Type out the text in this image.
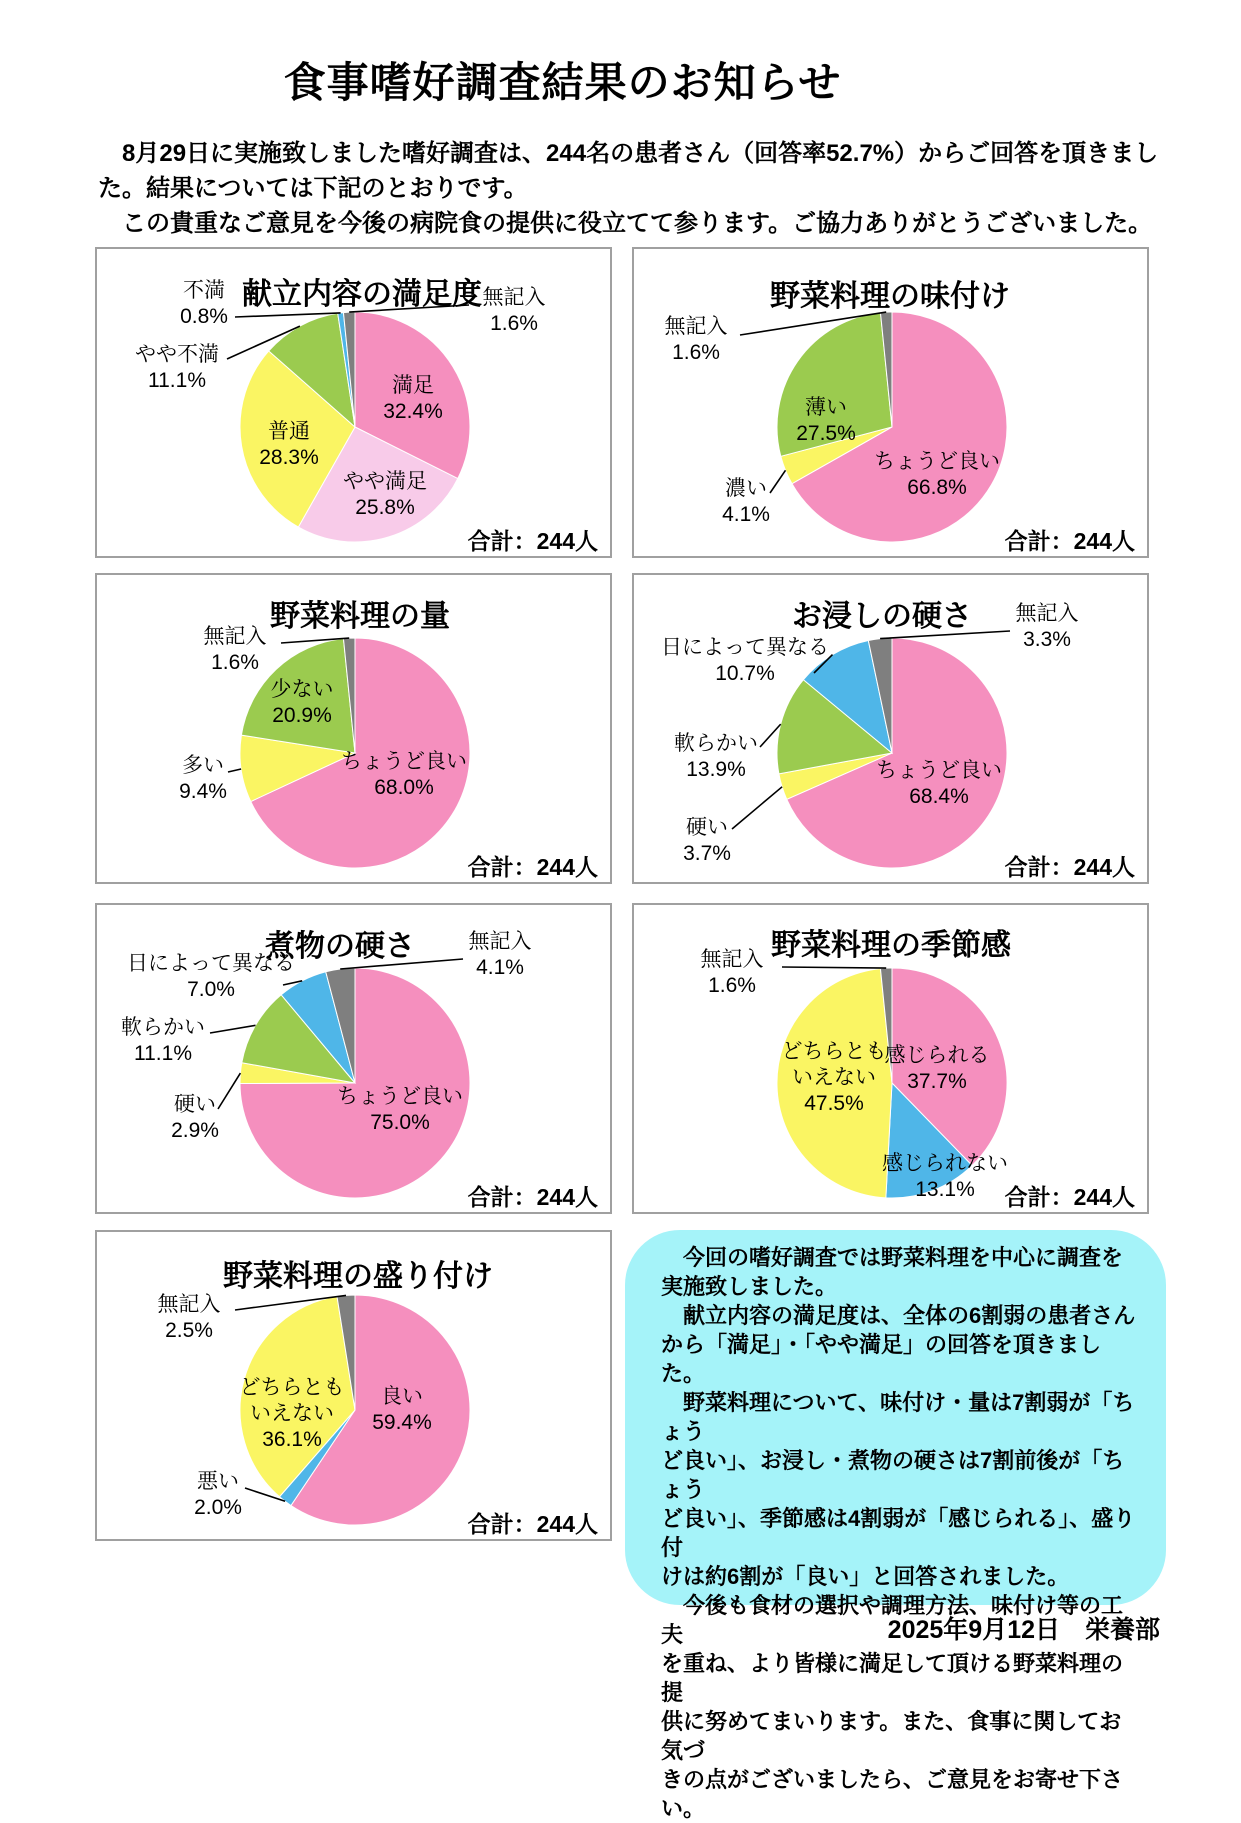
食事嗜好調査結果のお知らせ
　8月29日に実施致しました嗜好調査は、244名の患者さん（回答率52.7%）からご回答を頂きまし
た。結果については下記のとおりです。
　この貴重なご意見を今後の病院食の提供に役立てて参ります。ご協力ありがとうございました。
満足
32.4%
やや満足
25.8%
普通
28.3%
やや不満
11.1%
不満
0.8%
無記入
1.6%
献立内容の満足度
合計：244人
ちょうど良い
66.8%
濃い
4.1%
薄い
27.5%
無記入
1.6%
野菜料理の味付け
合計：244人
ちょうど良い
68.0%
多い
9.4%
少ない
20.9%
無記入
1.6%
野菜料理の量
合計：244人
ちょうど良い
68.4%
硬い
3.7%
軟らかい
13.9%
日によって異なる
10.7%
無記入
3.3%
お浸しの硬さ
合計：244人
ちょうど良い
75.0%
硬い
2.9%
軟らかい
11.1%
日によって異なる
7.0%
無記入
4.1%
煮物の硬さ
合計：244人
感じられる
37.7%
感じられない
13.1%
どちらとも
いえない
47.5%
無記入
1.6%
野菜料理の季節感
合計：244人
良い
59.4%
悪い
2.0%
どちらとも
いえない
36.1%
無記入
2.5%
野菜料理の盛り付け
合計：244人
　今回の嗜好調査では野菜料理を中心に調査を
実施致しました。
　献立内容の満足度は、全体の6割弱の患者さん
から「満足」・「やや満足」の回答を頂きました。
　野菜料理について、味付け・量は7割弱が「ちょう
ど良い」、お浸し・煮物の硬さは7割前後が「ちょう
ど良い」、季節感は4割弱が「感じられる」、盛り付
けは約6割が「良い」と回答されました。
　今後も食材の選択や調理方法、味付け等の工夫
を重ね、より皆様に満足して頂ける野菜料理の提
供に努めてまいります。また、食事に関してお気づ
きの点がございましたら、ご意見をお寄せ下さい。
2025年9月12日　栄養部
